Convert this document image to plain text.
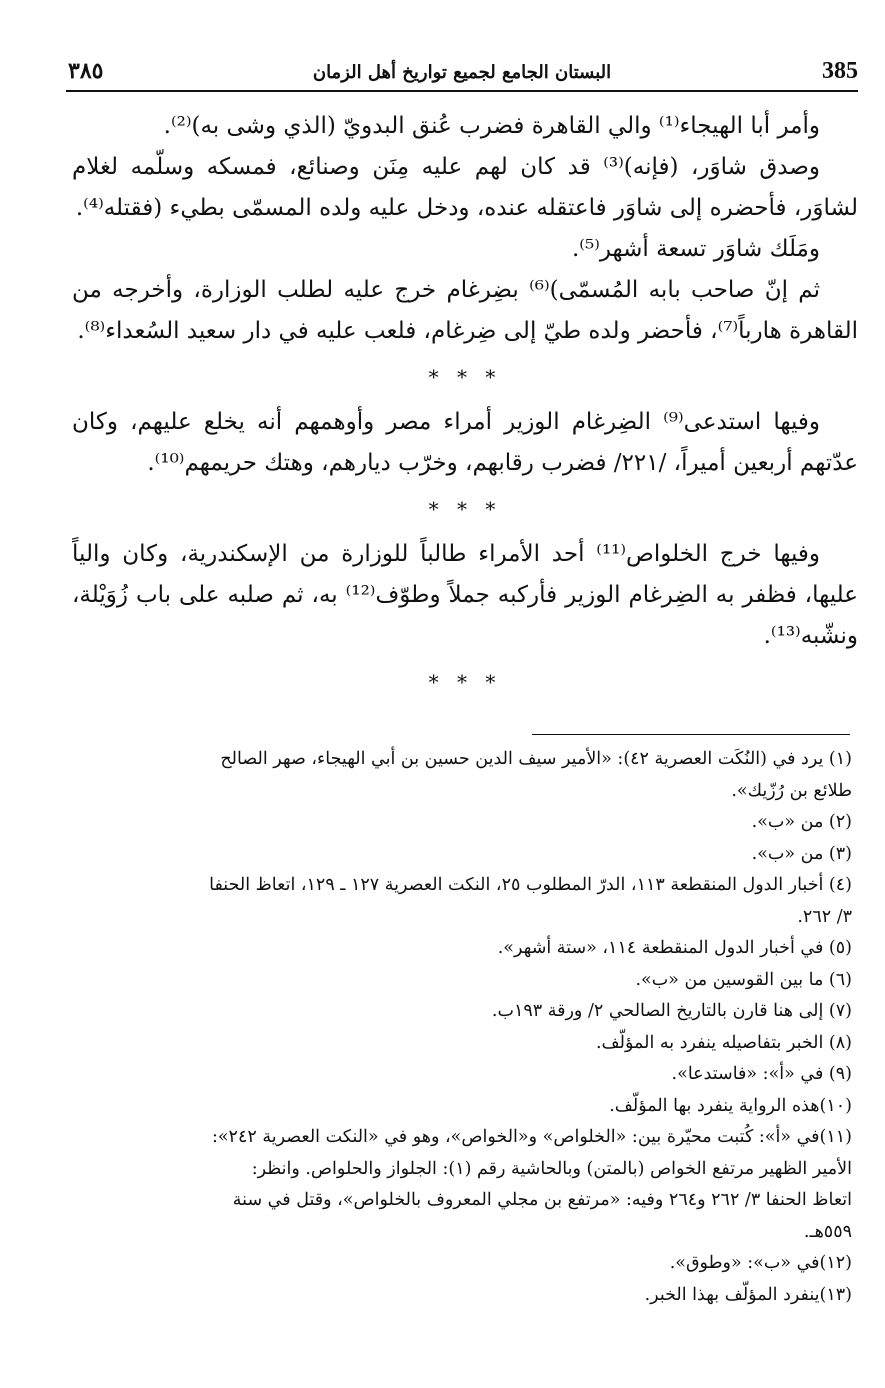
385
البستان الجامع لجميع تواريخ أهل الزمان
٣٨٥

وأمر أبا الهيجاء⁽¹⁾ والي القاهرة فضرب عُنق البدويّ (الذي وشى به)⁽²⁾.

وصدق شاوَر، (فإنه)⁽³⁾ قد كان لهم عليه مِنَن وصنائع، فمسكه وسلّمه لغلام لشاوَر، فأحضره إلى شاوَر فاعتقله عنده، ودخل عليه ولده المسمّى بطيء (فقتله⁽⁴⁾.

ومَلَك شاوَر تسعة أشهر⁽⁵⁾.

ثم إنّ صاحب بابه المُسمّى)⁽⁶⁾ بضِرغام خرج عليه لطلب الوزارة، وأخرجه من القاهرة هارباً⁽⁷⁾، فأحضر ولده طيّ إلى ضِرغام، فلعب عليه في دار سعيد السُعداء⁽⁸⁾.

* * *

وفيها استدعى⁽⁹⁾ الضِرغام الوزير أمراء مصر وأوهمهم أنه يخلع عليهم، وكان عدّتهم أربعين أميراً، /٢٢١/ فضرب رقابهم، وخرّب ديارهم، وهتك حريمهم⁽¹⁰⁾.

* * *

وفيها خرج الخلواص⁽¹¹⁾ أحد الأمراء طالباً للوزارة من الإسكندرية، وكان والياً عليها، فظفر به الضِرغام الوزير فأركبه جملاً وطوّف⁽¹²⁾ به، ثم صلبه على باب زُوَيْلة، ونشّبه⁽¹³⁾.

* * *

(١) يرد في (النُكَت العصرية ٤٢): «الأمير سيف الدين حسين بن أبي الهيجاء، صهر الصالح

طلائع بن رُزّيك».

(٢) من «ب».

(٣) من «ب».

(٤) أخبار الدول المنقطعة ١١٣، الدرّ المطلوب ٢٥، النكت العصرية ١٢٧ ـ ١٢٩، اتعاظ الحنفا

٣/ ٢٦٢.

(٥) في أخبار الدول المنقطعة ١١٤، «ستة أشهر».

(٦) ما بين القوسين من «ب».

(٧) إلى هنا قارن بالتاريخ الصالحي ٢/ ورقة ١٩٣ب.

(٨) الخبر بتفاصيله ينفرد به المؤلّف.

(٩) في «أ»: «فاستدعا».

(١٠)هذه الرواية ينفرد بها المؤلّف.

(١١)في «أ»: كُتبت محيّرة بين: «الخلواص» و«الخواص»، وهو في «النكت العصرية ٢٤٢»:

الأمير الظهير مرتفع الخواص (بالمتن) وبالحاشية رقم (١): الجلواز والحلواص. وانظر:

اتعاظ الحنفا ٣/ ٢٦٢ و٢٦٤ وفيه: «مرتفع بن مجلي المعروف بالخلواص»، وقتل في سنة

٥٥٩هـ.

(١٢)في «ب»: «وطوق».

(١٣)ينفرد المؤلّف بهذا الخبر.
